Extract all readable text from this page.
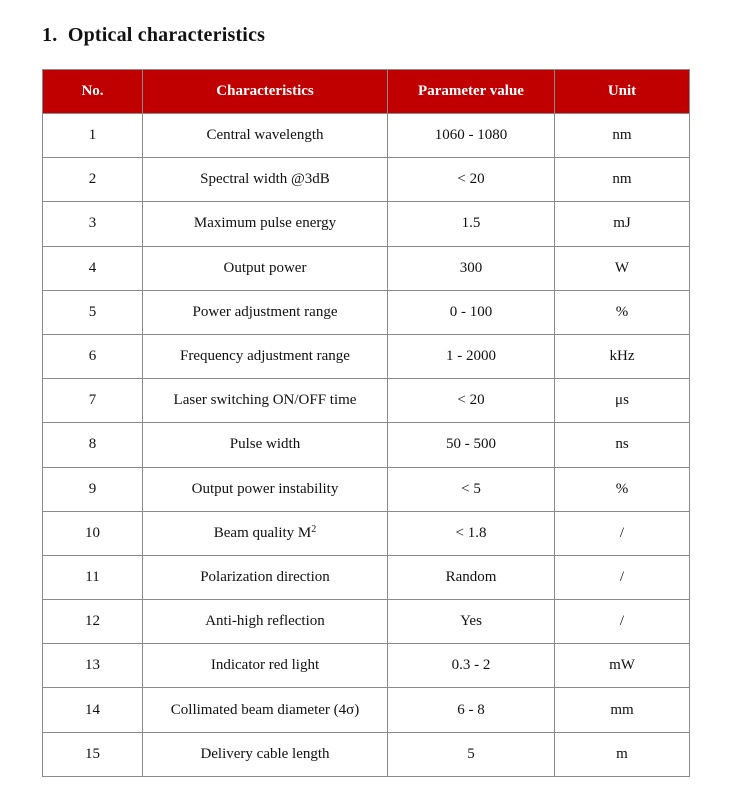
1. Optical characteristics
No.	Characteristics	Parameter value	Unit
1	Central wavelength	1060 - 1080	nm
2	Spectral width @3dB	< 20	nm
3	Maximum pulse energy	1.5	mJ
4	Output power	300	W
5	Power adjustment range	0 - 100	%
6	Frequency adjustment range	1 - 2000	kHz
7	Laser switching ON/OFF time	< 20	μs
8	Pulse width	50 - 500	ns
9	Output power instability	< 5	%
10	Beam quality $M^2$	< 1.8	/
11	Polarization direction	Random	/
12	Anti-high reflection	Yes	/
13	Indicator red light	0.3 - 2	mW
14	Collimated beam diameter (4σ)	6 - 8	mm
15	Delivery cable length	5	m
